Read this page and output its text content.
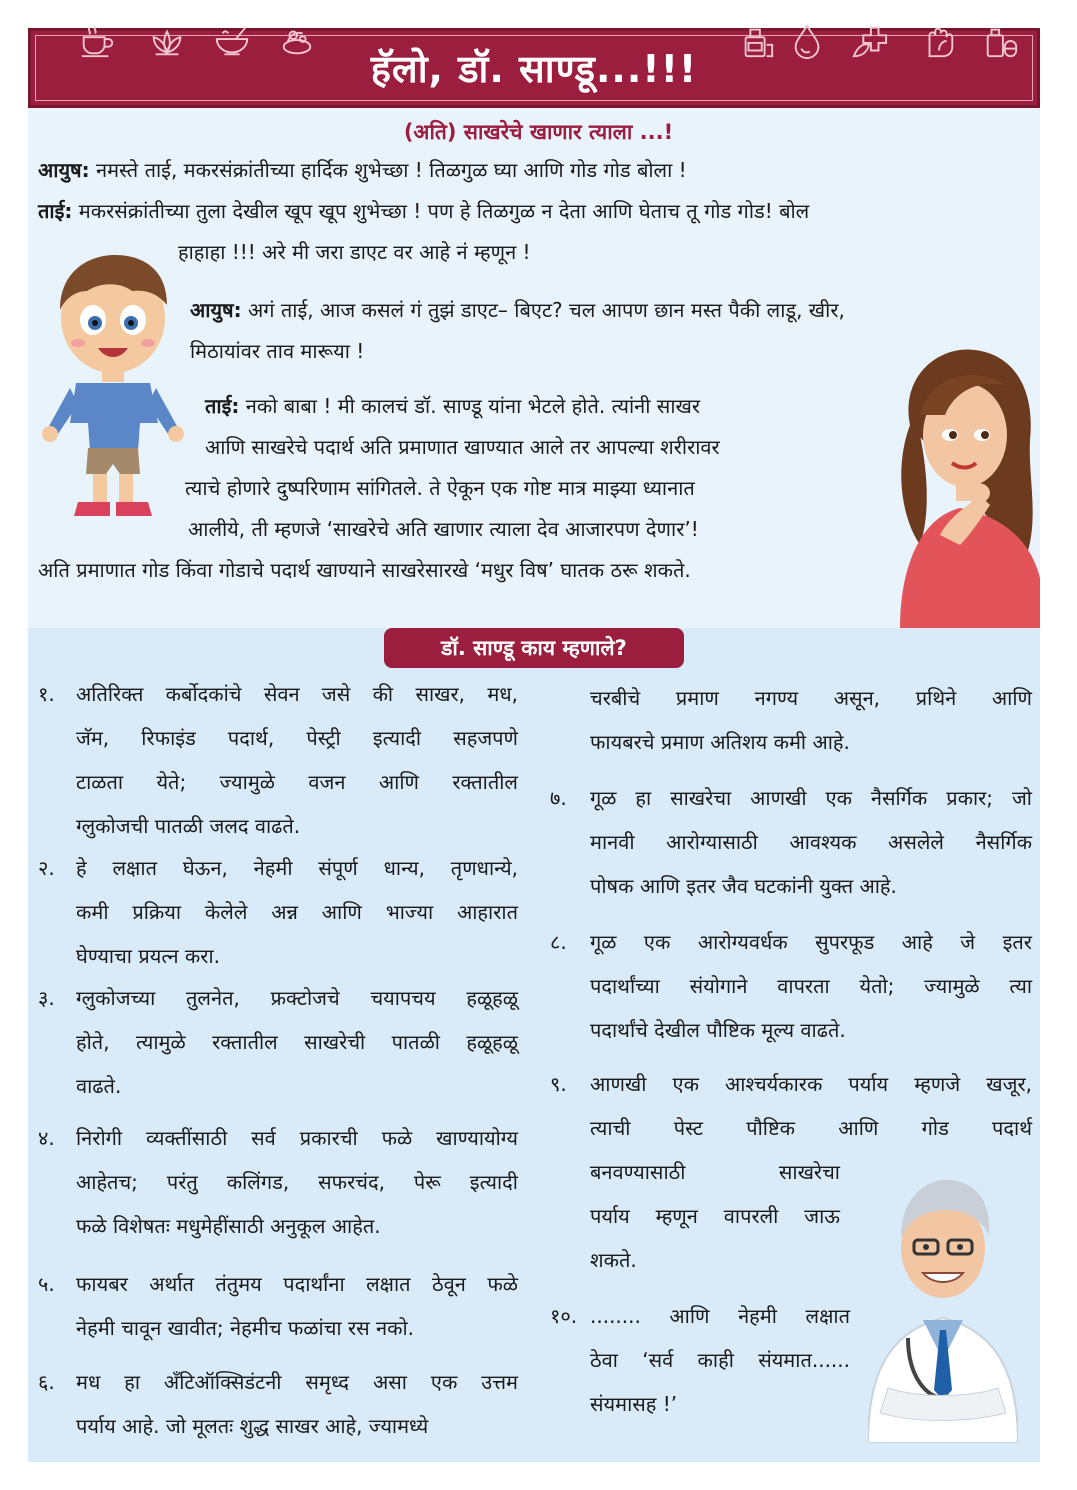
हॅलो, डॉ. साण्डू...!!!
(अति) साखरेचे खाणार त्याला ...!
आयुष: नमस्ते ताई, मकरसंक्रांतीच्या हार्दिक शुभेच्छा ! तिळगुळ घ्या आणि गोड गोड बोला !
ताई: मकरसंक्रांतीच्या तुला देखील खूप खूप शुभेच्छा ! पण हे तिळगुळ न देता आणि घेताच तू गोड गोड! बोल
हाहाहा !!! अरे मी जरा डाएट वर आहे नं म्हणून !
आयुष: अगं ताई, आज कसलं गं तुझं डाएट– बिएट? चल आपण छान मस्त पैकी लाडू, खीर,
मिठायांवर ताव मारूया !
ताई: नको बाबा ! मी कालचं डॉ. साण्डू यांना भेटले होते. त्यांनी साखर
आणि साखरेचे पदार्थ अति प्रमाणात खाण्यात आले तर आपल्या शरीरावर
त्याचे होणारे दुष्परिणाम सांगितले. ते ऐकून एक गोष्ट मात्र माझ्या ध्यानात
आलीये, ती म्हणजे ‘साखरेचे अति खाणार त्याला देव आजारपण देणार’!
अति प्रमाणात गोड किंवा गोडाचे पदार्थ खाण्याने साखरेसारखे ‘मधुर विष’ घातक ठरू शकते.
डॉ. साण्डू काय म्हणाले?
१.	अतिरिक्त कर्बोदकांचे सेवन जसे की साखर, मध,
जॅम, रिफाइंड पदार्थ, पेस्ट्री इत्यादी सहजपणे
टाळता येते; ज्यामुळे वजन आणि रक्तातील
ग्लुकोजची पातळी जलद वाढते.
२.	हे लक्षात घेऊन, नेहमी संपूर्ण धान्य, तृणधान्ये,
कमी प्रक्रिया केलेले अन्न आणि भाज्या आहारात
घेण्याचा प्रयत्न करा.
३.	ग्लुकोजच्या तुलनेत, फ्रक्टोजचे चयापचय हळूहळू
होते, त्यामुळे रक्तातील साखरेची पातळी हळूहळू
वाढते.
४.	निरोगी व्यक्तींसाठी सर्व प्रकारची फळे खाण्यायोग्य
आहेतच; परंतु कलिंगड, सफरचंद, पेरू इत्यादी
फळे विशेषतः मधुमेहींसाठी अनुकूल आहेत.
५.	फायबर अर्थात तंतुमय पदार्थांना लक्षात ठेवून फळे
नेहमी चावून खावीत; नेहमीच फळांचा रस नको.
६.	मध हा अँटिऑक्सिडंटनी समृध्द असा एक उत्तम
पर्याय आहे. जो मूलतः शुद्ध साखर आहे, ज्यामध्ये
चरबीचे प्रमाण नगण्य असून, प्रथिने आणि
फायबरचे प्रमाण अतिशय कमी आहे.
७.	गूळ हा साखरेचा आणखी एक नैसर्गिक प्रकार; जो
मानवी आरोग्यासाठी आवश्यक असलेले नैसर्गिक
पोषक आणि इतर जैव घटकांनी युक्त आहे.
८.	गूळ एक आरोग्यवर्धक सुपरफूड आहे जे इतर
पदार्थांच्या संयोगाने वापरता येतो; ज्यामुळे त्या
पदार्थांचे देखील पौष्टिक मूल्य वाढते.
९.	आणखी एक आश्चर्यकारक पर्याय म्हणजे खजूर,
त्याची पेस्ट पौष्टिक आणि गोड पदार्थ
बनवण्यासाठी साखरेचा
पर्याय म्हणून वापरली जाऊ
शकते.
१०. ........ आणि नेहमी लक्षात
ठेवा ‘सर्व काही संयमात......
संयमासह !’
